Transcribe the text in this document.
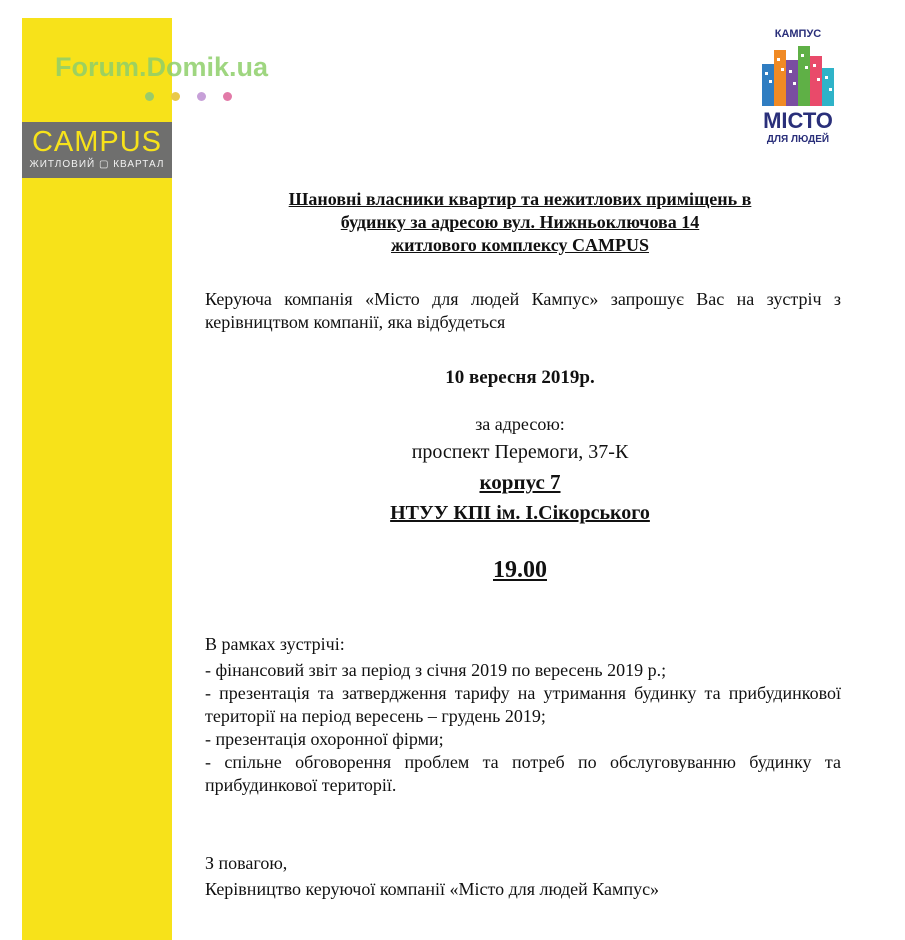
CAMPUS
ЖИТЛОВИЙ ▢ КВАРТАЛ
Forum.Domik.ua
КАМПУС
МІСТО
ДЛЯ ЛЮДЕЙ
Шановні власники квартир та нежитлових приміщень в
будинку за адресою вул. Нижньоключова 14
житлового комплексу CAMPUS
Керуюча компанія «Місто для людей Кампус» запрошує Вас на зустріч з керівництвом компанії, яка відбудеться
10 вересня 2019р.
за адресою:
проспект Перемоги, 37-К
корпус 7
НТУУ КПІ ім. І.Сікорського
19.00
В рамках зустрічі:
- фінансовий звіт за період з січня 2019 по вересень 2019 р.;
- презентація та затвердження тарифу на утримання будинку та прибудинкової території на період вересень – грудень 2019;
- презентація охоронної фірми;
- спільне обговорення проблем та потреб по обслуговуванню будинку та прибудинкової території.
З повагою,
Керівництво керуючої компанії «Місто для людей Кампус»
